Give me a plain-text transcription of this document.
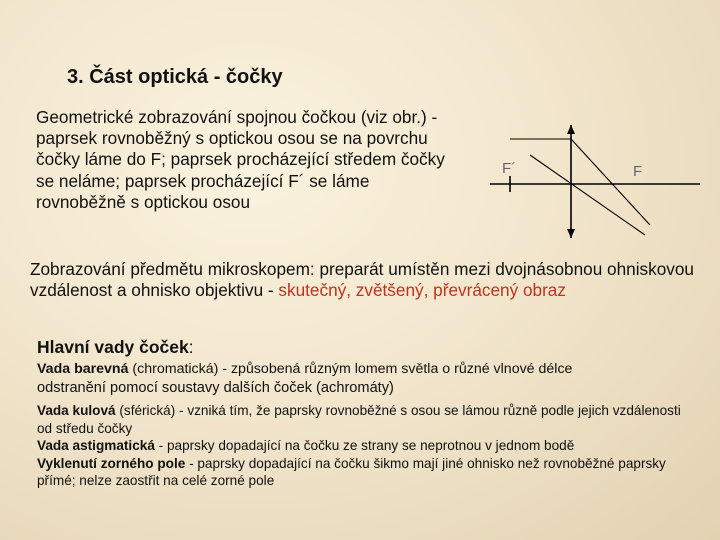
3. Část optická - čočky
Geometrické zobrazování spojnou čočkou (viz obr.) - paprsek rovnoběžný s optickou osou se na povrchu čočky láme do F; paprsek procházející středem čočky se neláme; paprsek procházející F´ se láme rovnoběžně s optickou osou
F´	F
Zobrazování předmětu mikroskopem: preparát umístěn mezi dvojnásobnou ohniskovou vzdálenost a ohnisko objektivu - skutečný, zvětšený, převrácený obraz
Hlavní vady čoček:
Vada barevná (chromatická) - způsobená různým lomem světla o různé vlnové délce
odstranění pomocí soustavy dalších čoček (achromáty)
Vada kulová (sférická) - vzniká tím, že paprsky rovnoběžné s osou se lámou různě podle jejich vzdálenosti od středu čočky
Vada astigmatická - paprsky dopadající na čočku ze strany se neprotnou v jednom bodě
Vyklenutí zorného pole - paprsky dopadající na čočku šikmo mají jiné ohnisko než rovnoběžné paprsky přímé; nelze zaostřit na celé zorné pole
